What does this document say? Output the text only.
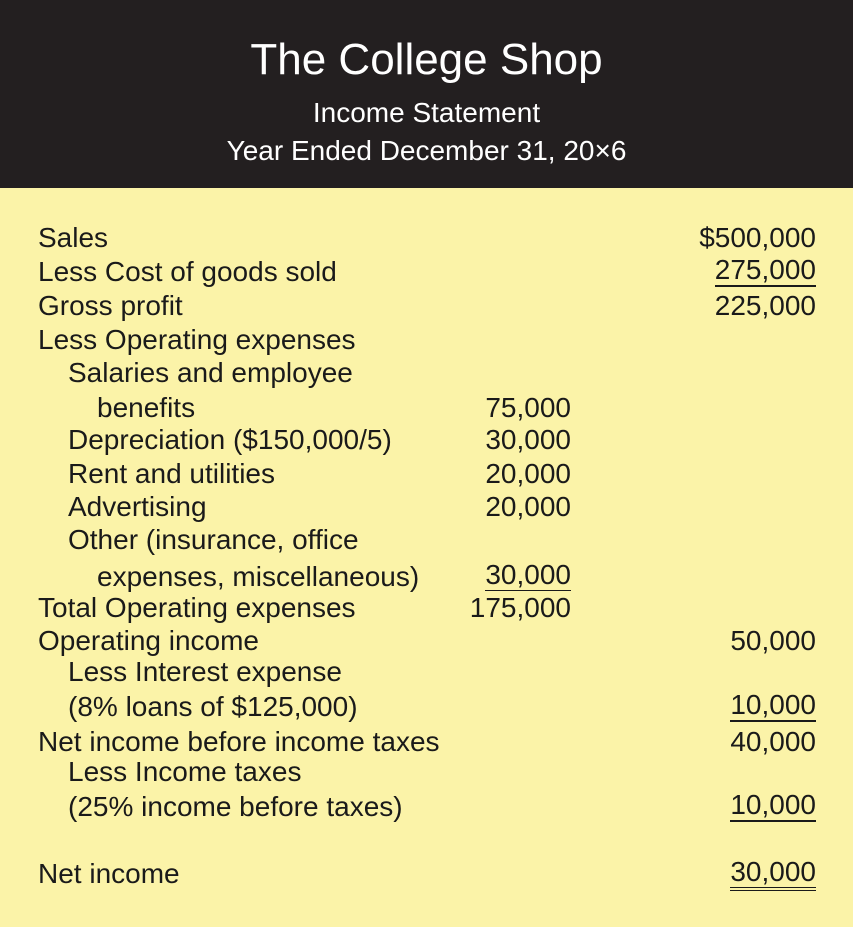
The College Shop
Income Statement
Year Ended December 31, 20×6
Sales	$500,000
Less Cost of goods sold	275,000
Gross profit	225,000
Less Operating expenses
Salaries and employee
benefits	75,000
Depreciation ($150,000/5)	30,000
Rent and utilities	20,000
Advertising	20,000
Other (insurance, office
expenses, miscellaneous) 30,000
Total Operating expenses	175,000
Operating income	50,000
Less Interest expense
(8% loans of $125,000)	10,000
Net income before income taxes	40,000
Less Income taxes
(25% income before taxes)	10,000
Net income	30,000
